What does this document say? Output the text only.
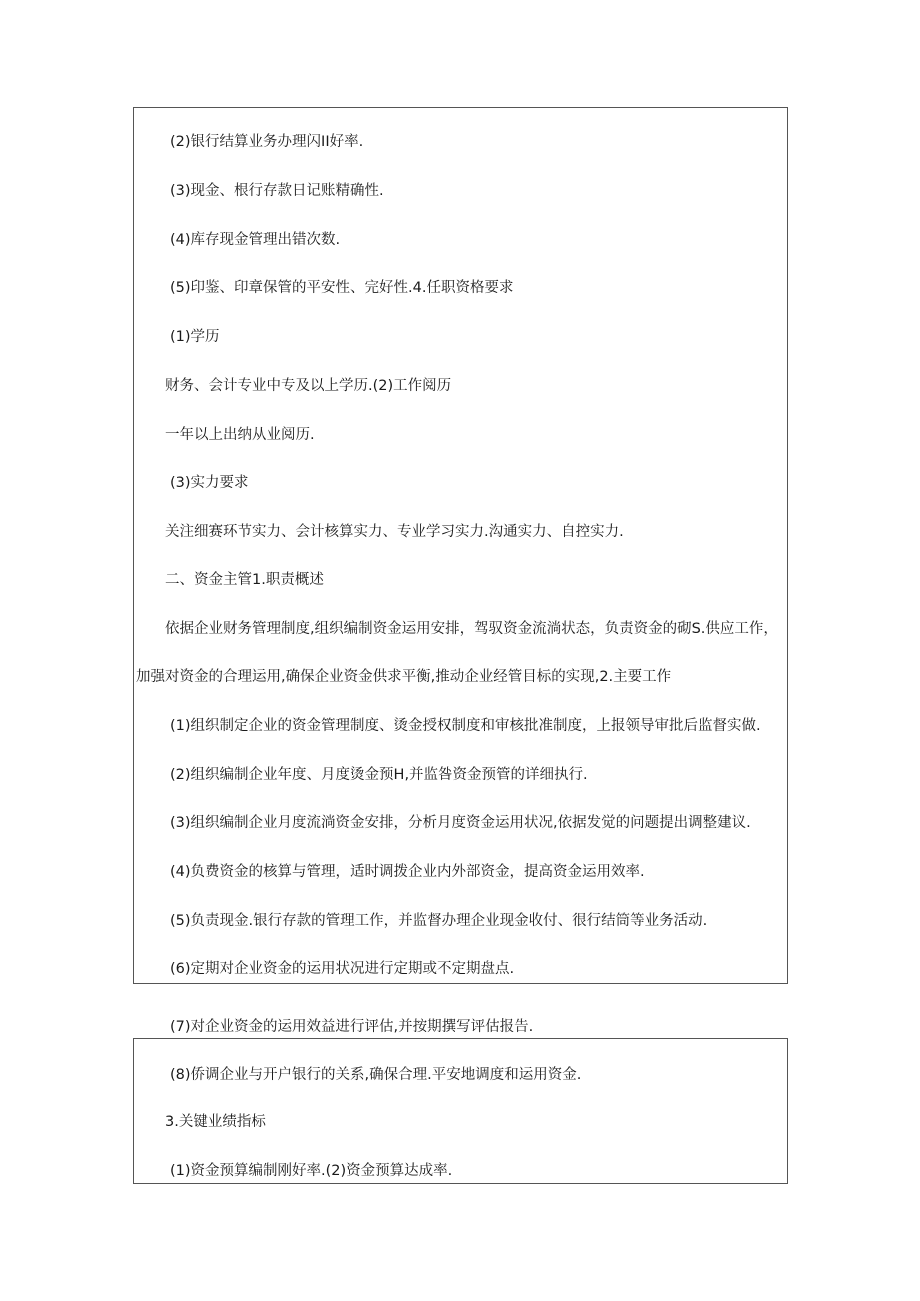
(2)银行结算业务办理闪II好率.
(3)现金、根行存款日记账精确性.
(4)库存现金管理出错次数.
(5)印鉴、印章保管的平安性、完好性.4.任职资格要求
(1)学历
财务、会计专业中专及以上学历.(2)工作阅历
一年以上出纳从业阅历.
(3)实力要求
关注细赛环节实力、会计核算实力、专业学习实力.沟通实力、自控实力.
二、资金主管1.职责概述
依据企业财务管理制度,组织编制资金运用安排，驾驭资金流淌状态，负责资金的砌S.供应工作，
加强对资金的合理运用,确保企业资金供求平衡,推动企业经管目标的实现,2.主要工作
(1)组织制定企业的资金管理制度、烫金授权制度和审核批准制度，上报领导审批后监督实做.
(2)组织编制企业年度、月度烫金预H,并监咎资金预管的详细执行.
(3)组织编制企业月度流淌资金安排，分析月度资金运用状况,依据发觉的问题提出调整建议.
(4)负费资金的核算与管理，适时调拨企业内外部资金，提高资金运用效率.
(5)负责现金.银行存款的管理工作，并监督办理企业现金收付、很行结筒等业务活动.
(6)定期对企业资金的运用状况进行定期或不定期盘点.
(7)对企业资金的运用效益进行评估,并按期撰写评估报告.
(8)侨调企业与开户银行的关系,确保合理.平安地调度和运用资金.
3.关键业绩指标
(1)资金预算编制刚好率.(2)资金预算达成率.
